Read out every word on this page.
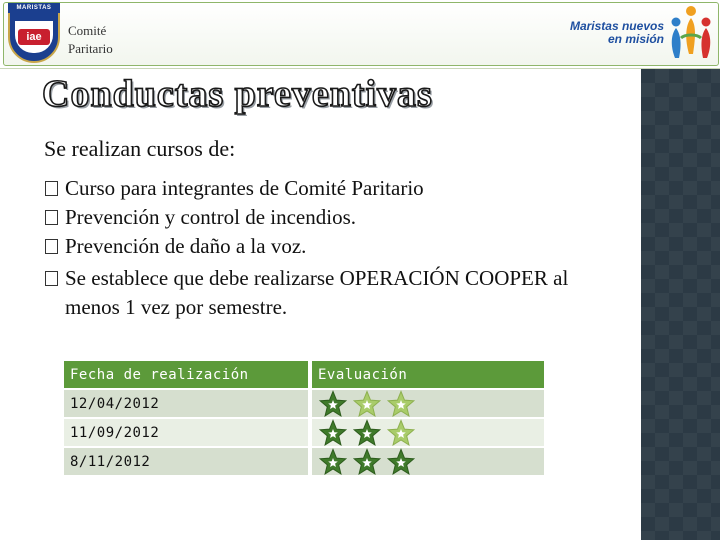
MARISTAS
iae	Comité
Paritario
Maristas nuevos
en misión
Conductas preventivas
Se realizan cursos de:
Curso para integrantes de Comité Paritario
Prevención y control de incendios.
Prevención de daño a la voz.
Se establece que debe realizarse OPERACIÓN COOPER al menos 1 vez por semestre.
Fecha de realización	Evaluación
12/04/2012	

11/09/2012	

8/11/2012	
